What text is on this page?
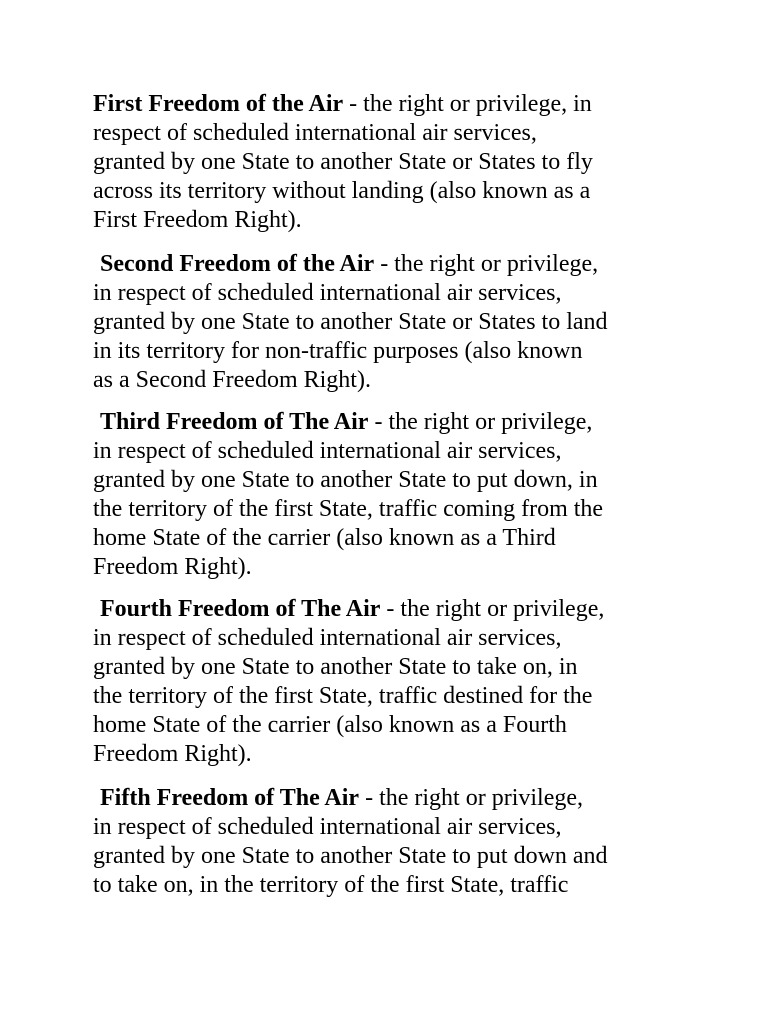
First Freedom of the Air - the right or privilege, in
respect of scheduled international air services,
granted by one State to another State or States to fly
across its territory without landing (also known as a
First Freedom Right).
Second Freedom of the Air - the right or privilege,
in respect of scheduled international air services,
granted by one State to another State or States to land
in its territory for non-traffic purposes (also known
as a Second Freedom Right).
Third Freedom of The Air - the right or privilege,
in respect of scheduled international air services,
granted by one State to another State to put down, in
the territory of the first State, traffic coming from the
home State of the carrier (also known as a Third
Freedom Right).
Fourth Freedom of The Air - the right or privilege,
in respect of scheduled international air services,
granted by one State to another State to take on, in
the territory of the first State, traffic destined for the
home State of the carrier (also known as a Fourth
Freedom Right).
Fifth Freedom of The Air - the right or privilege,
in respect of scheduled international air services,
granted by one State to another State to put down and
to take on, in the territory of the first State, traffic
